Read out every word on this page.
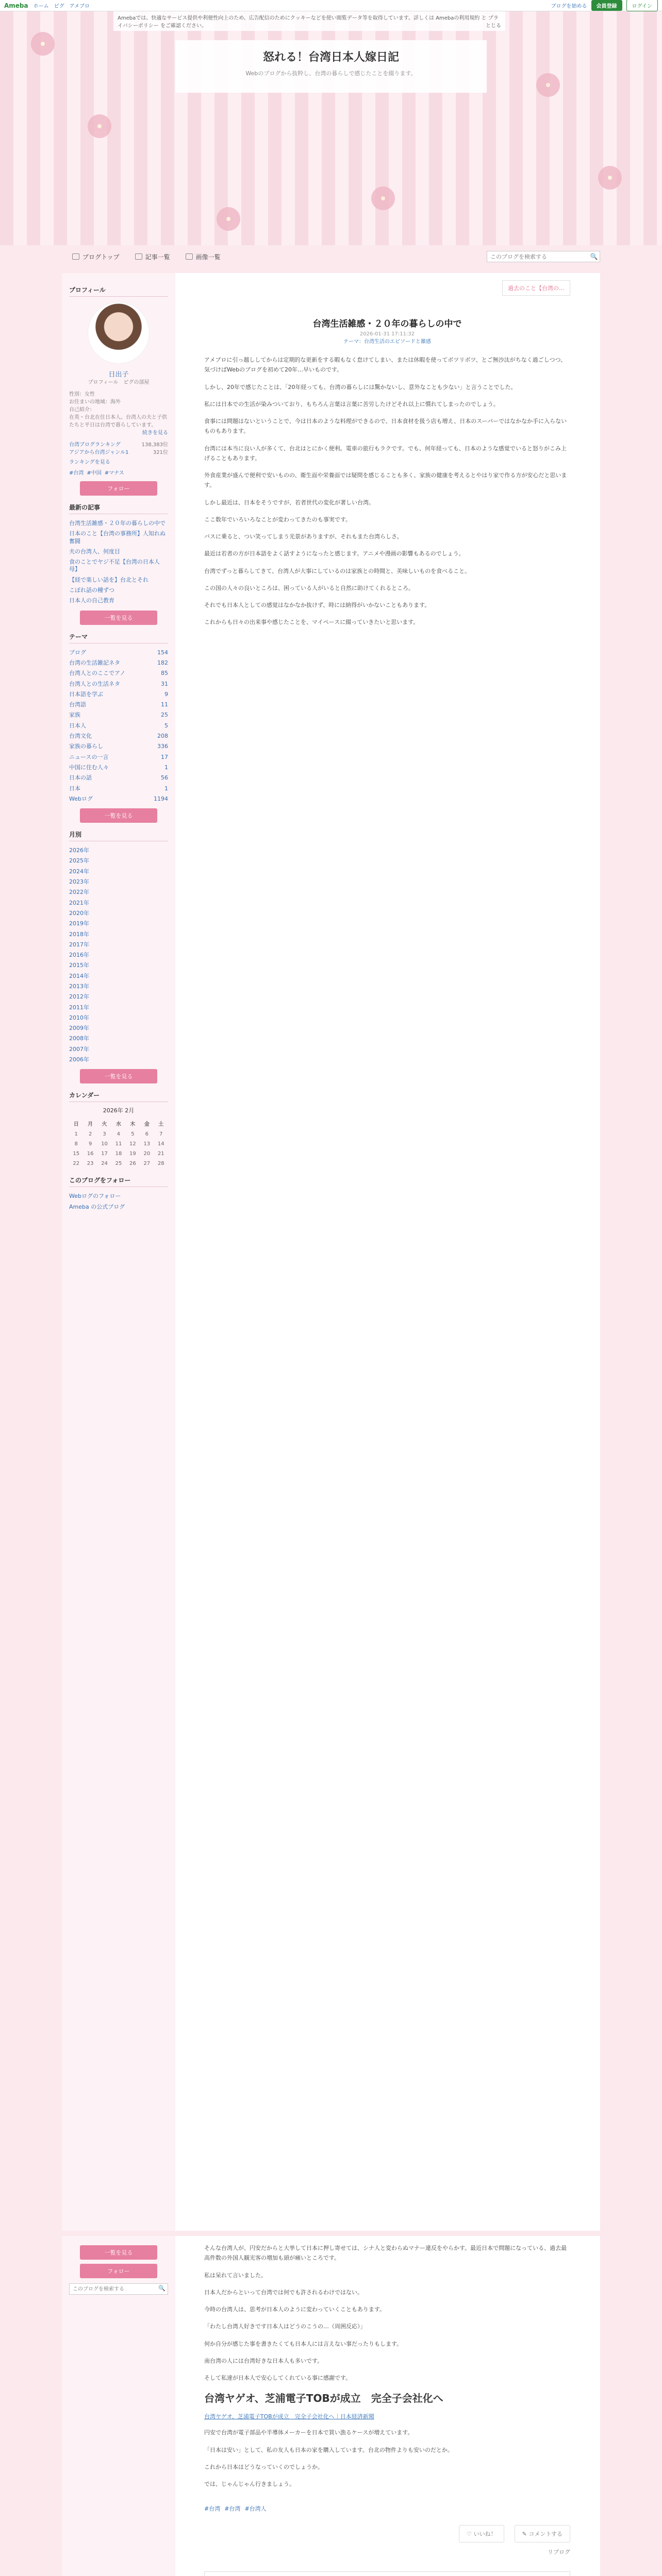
Ameba ホーム ピグ アメブロ	ブログを始める	会員登録	ログイン
怒れる！台湾日本人嫁日記

Webのブログから抜粋し、台湾の暮らしで感じたことを綴ります。

Amebaでは、快適なサービス提供や利便性向上のため、広告配信のためにクッキーなどを使い閲覧データ等を取得しています。詳しくは Amebaの利用規約 と プライバシーポリシー をご確認ください。	とじる
ブログトップ	記事一覧	画像一覧
このブログを検索する	🔍
プロフィール
日出子
プロフィール　ピグの部屋

性別：女性
お住まいの地域：海外
自己紹介：
在英・台北在住日本人。台湾人の夫と子供たちと平日は台湾で暮らしています。

続きを見る
台湾ブログランキング	138,383位
アジアから台湾ジャンル1	321位
ランキングを見る
#台湾 #中国 #マナス
フォロー
最新の記事
台湾生活雑感・２０年の暮らしの中で
日本のこと【台湾の事務所】人知れぬ奮闘
夫の台湾人、何度目
食のことでヤジ不足【台湾の日本人母】
【経で楽しい話を】台北とそれ
こぼれ話の種ずつ
日本人の自己教育
一覧を見る
テーマ
ブログ	154
台湾の生活雑記ネタ	182
台湾人とのここでアノ	85
台湾人との生活ネタ	31
日本語を学ぶ	9
台湾語	11
家族	25
日本人	5
台湾文化	208
家族の暮らし	336
ニュースの一言	17
中国に住む人々	1
日本の話	56
日本	1
Webログ	1194
一覧を見る
月別
2026年
2025年
2024年
2023年
2022年
2021年
2020年
2019年
2018年
2017年
2016年
2015年
2014年
2013年
2012年
2011年
2010年
2009年
2008年
2007年
2006年
一覧を見る
カレンダー
2026年 2月
日	月	火	水	木	金	土
1	2	3	4	5	6	7
8	9	10	11	12	13	14
15	16	17	18	19	20	21
22	23	24	25	26	27	28
このブログをフォロー
Webログのフォロー
Ameba の公式ブログ
過去のこと【台湾の…
台湾生活雑感・２０年の暮らしの中で
2026-01-31 17:11:32
テーマ：台湾生活のエピソードと雑感

アメブロに引っ越ししてからは定期的な更新をする暇もなく怠けてしまい、または休暇を使ってボツリボツ、とご無沙汰がちなく過ごしつつ、気づけばWebのブログを初めて20年…早いものです。

しかし、20年で感じたことは、「20年経っても、台湾の暮らしには驚かないし、意外なことも少ない」と言うことでした。

私には日本での生活が染みついており、もちろん言葉は言葉に苦労したけどそれ以上に慣れてしまったのでしょう。

食事には問題はないということで、今は日本のような料理ができるので、日本食材を扱う店も増え、日本のスーパーではなかなか手に入らないものもあります。

台湾には本当に良い人が多くて、台北はとにかく便利。電車の旅行もラクです。でも、何年経っても、日本のような感覚でいると怒りがこみ上げることもあります。

外食産業が盛んで便利で安いものの、衛生面や栄養面では疑問を感じることも多く、家族の健康を考えるとやはり家で作る方が安心だと思います。

しかし最近は、日本をそうですが、若者世代の変化が著しい台湾。

ここ数年でいろいろなことが変わってきたのも事実です。

バスに乗ると、つい笑ってしまう光景がありますが、それもまた台湾らしさ。

最近は若者の方が日本語をよく話すようになったと感じます。アニメや漫画の影響もあるのでしょう。

台湾でずっと暮らしてきて、台湾人が大事にしているのは家族との時間と、美味しいものを食べること。

この国の人々の良いところは、困っている人がいると自然に助けてくれるところ。

それでも日本人としての感覚はなかなか抜けず、時には納得がいかないこともあります。

これからも日々の出来事や感じたことを、マイペースに綴っていきたいと思います。

一覧を見る
フォロー
このブログを検索する
🔍

そんな台湾人が、円安だからと大挙して日本に押し寄せては、シナ人と変わらぬマナー違反をやらかす。最近日本で問題になっている、過去最高件数の外国人観光客の増加も頭が痛いところです。

私は呆れて言いました。

日本人だからといって台湾では何でも許されるわけではない。

今時の台湾人は、思考が日本人のように変わっていくこともあります。

「わたし台湾人好きです日本人はどうのこうの…（周囲反応）」

何か自分が感じた事を書きたくても日本人には言えない事だったりもします。

南台湾の人には台湾好きな日本人も多いです。

そして私達が日本人で安心してくれている事に感謝です。

台湾ヤゲオ、芝浦電子TOBが成立　完全子会社化へ
台湾ヤゲオ、芝浦電子TOBが成立　完全子会社化へ｜日本経済新聞

円安で台湾が電子部品や半導体メーカーを日本で買い漁るケースが増えています。

「日本は安い」として、私の友人も日本の家を購入しています。台北の物件よりも安いのだとか。

これから日本はどうなっていくのでしょうか。

では、じゃんじゃん行きましょう。

#台湾 #台湾 #台湾人
♡ いいね！	✎ コメントする
リブログ
